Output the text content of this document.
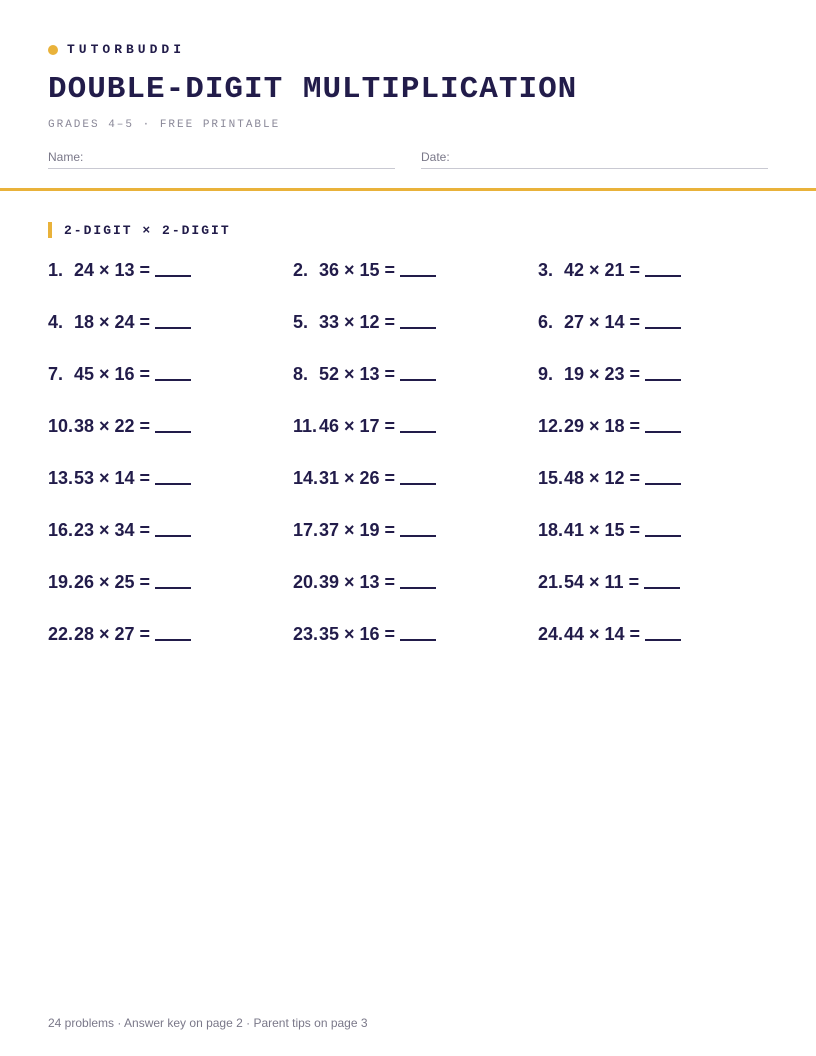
TUTORBUDDI
DOUBLE-DIGIT MULTIPLICATION
GRADES 4–5 · FREE PRINTABLE
Name:	Date:
2-DIGIT × 2-DIGIT
1. 24 × 13 =	2. 36 × 15 =	3. 42 × 21 =
4. 18 × 24 =	5. 33 × 12 =	6. 27 × 14 =
7. 45 × 16 =	8. 52 × 13 =	9. 19 × 23 =
10. 38 × 22 =	11. 46 × 17 =	12. 29 × 18 =
13. 53 × 14 =	14. 31 × 26 =	15. 48 × 12 =
16. 23 × 34 =	17. 37 × 19 =	18. 41 × 15 =
19. 26 × 25 =	20. 39 × 13 =	21. 54 × 11 =
22. 28 × 27 =	23. 35 × 16 =	24. 44 × 14 =
24 problems · Answer key on page 2 · Parent tips on page 3
